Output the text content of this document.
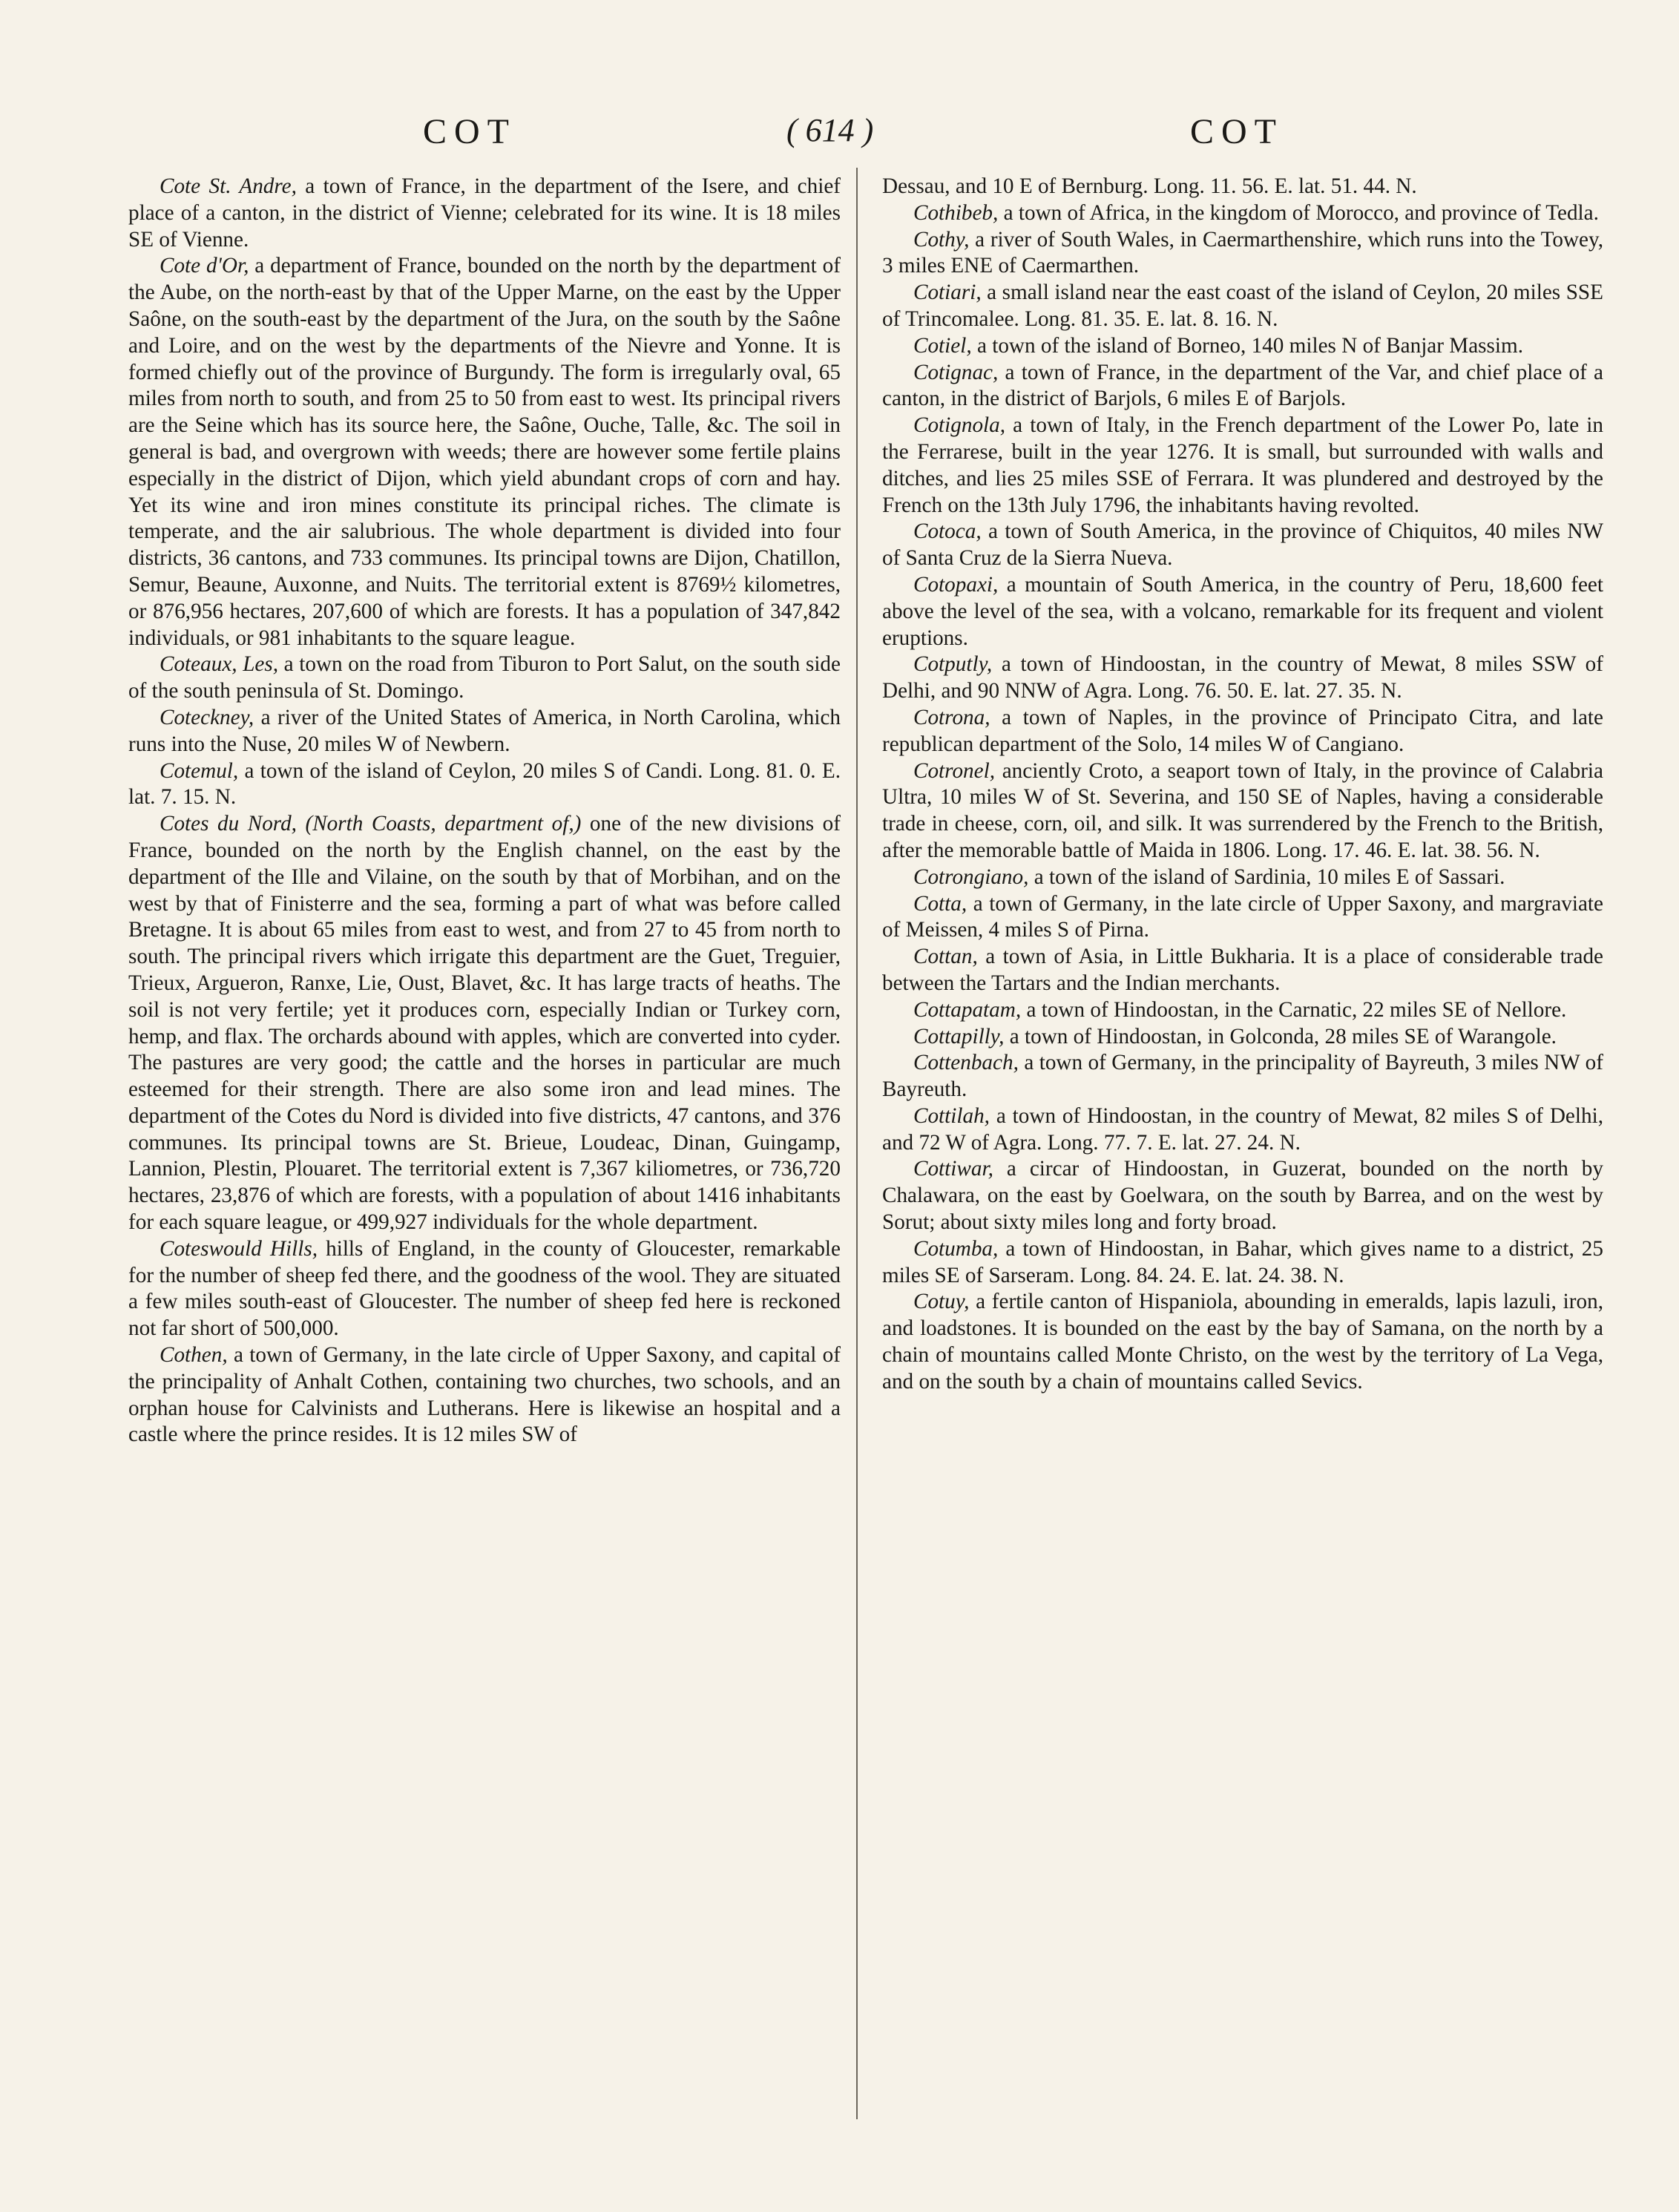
COT	( 614 )	COT

Cote St. Andre, a town of France, in the department of the Isere, and chief place of a canton, in the district of Vienne; celebrated for its wine. It is 18 miles SE of Vienne.

Cote d'Or, a department of France, bounded on the north by the department of the Aube, on the north-east by that of the Upper Marne, on the east by the Upper Saône, on the south-east by the department of the Jura, on the south by the Saône and Loire, and on the west by the departments of the Nievre and Yonne. It is formed chiefly out of the province of Burgundy. The form is irregularly oval, 65 miles from north to south, and from 25 to 50 from east to west. Its principal rivers are the Seine which has its source here, the Saône, Ouche, Talle, &c. The soil in general is bad, and overgrown with weeds; there are however some fertile plains especially in the district of Dijon, which yield abundant crops of corn and hay. Yet its wine and iron mines constitute its principal riches. The climate is temperate, and the air salubrious. The whole department is divided into four districts, 36 cantons, and 733 communes. Its principal towns are Dijon, Chatillon, Semur, Beaune, Auxonne, and Nuits. The territorial extent is 8769½ kilometres, or 876,956 hectares, 207,600 of which are forests. It has a population of 347,842 individuals, or 981 inhabitants to the square league.

Coteaux, Les, a town on the road from Tiburon to Port Salut, on the south side of the south peninsula of St. Domingo.

Coteckney, a river of the United States of America, in North Carolina, which runs into the Nuse, 20 miles W of Newbern.

Cotemul, a town of the island of Ceylon, 20 miles S of Candi. Long. 81. 0. E. lat. 7. 15. N.

Cotes du Nord, (North Coasts, department of,) one of the new divisions of France, bounded on the north by the English channel, on the east by the department of the Ille and Vilaine, on the south by that of Morbihan, and on the west by that of Finisterre and the sea, forming a part of what was before called Bretagne. It is about 65 miles from east to west, and from 27 to 45 from north to south. The principal rivers which irrigate this department are the Guet, Treguier, Trieux, Argueron, Ranxe, Lie, Oust, Blavet, &c. It has large tracts of heaths. The soil is not very fertile; yet it produces corn, especially Indian or Turkey corn, hemp, and flax. The orchards abound with apples, which are converted into cyder. The pastures are very good; the cattle and the horses in particular are much esteemed for their strength. There are also some iron and lead mines. The department of the Cotes du Nord is divided into five districts, 47 cantons, and 376 communes. Its principal towns are St. Brieue, Loudeac, Dinan, Guingamp, Lannion, Plestin, Plouaret. The territorial extent is 7,367 kiliometres, or 736,720 hectares, 23,876 of which are forests, with a population of about 1416 inhabitants for each square league, or 499,927 individuals for the whole department.

Coteswould Hills, hills of England, in the county of Gloucester, remarkable for the number of sheep fed there, and the goodness of the wool. They are situated a few miles south-east of Gloucester. The number of sheep fed here is reckoned not far short of 500,000.

Cothen, a town of Germany, in the late circle of Upper Saxony, and capital of the principality of Anhalt Cothen, containing two churches, two schools, and an orphan house for Calvinists and Lutherans. Here is likewise an hospital and a castle where the prince resides. It is 12 miles SW of

Dessau, and 10 E of Bernburg. Long. 11. 56. E. lat. 51. 44. N.

Cothibeb, a town of Africa, in the kingdom of Morocco, and province of Tedla.

Cothy, a river of South Wales, in Caermarthenshire, which runs into the Towey, 3 miles ENE of Caermarthen.

Cotiari, a small island near the east coast of the island of Ceylon, 20 miles SSE of Trincomalee. Long. 81. 35. E. lat. 8. 16. N.

Cotiel, a town of the island of Borneo, 140 miles N of Banjar Massim.

Cotignac, a town of France, in the department of the Var, and chief place of a canton, in the district of Barjols, 6 miles E of Barjols.

Cotignola, a town of Italy, in the French department of the Lower Po, late in the Ferrarese, built in the year 1276. It is small, but surrounded with walls and ditches, and lies 25 miles SSE of Ferrara. It was plundered and destroyed by the French on the 13th July 1796, the inhabitants having revolted.

Cotoca, a town of South America, in the province of Chiquitos, 40 miles NW of Santa Cruz de la Sierra Nueva.

Cotopaxi, a mountain of South America, in the country of Peru, 18,600 feet above the level of the sea, with a volcano, remarkable for its frequent and violent eruptions.

Cotputly, a town of Hindoostan, in the country of Mewat, 8 miles SSW of Delhi, and 90 NNW of Agra. Long. 76. 50. E. lat. 27. 35. N.

Cotrona, a town of Naples, in the province of Principato Citra, and late republican department of the Solo, 14 miles W of Cangiano.

Cotronel, anciently Croto, a seaport town of Italy, in the province of Calabria Ultra, 10 miles W of St. Severina, and 150 SE of Naples, having a considerable trade in cheese, corn, oil, and silk. It was surrendered by the French to the British, after the memorable battle of Maida in 1806. Long. 17. 46. E. lat. 38. 56. N.

Cotrongiano, a town of the island of Sardinia, 10 miles E of Sassari.

Cotta, a town of Germany, in the late circle of Upper Saxony, and margraviate of Meissen, 4 miles S of Pirna.

Cottan, a town of Asia, in Little Bukharia. It is a place of considerable trade between the Tartars and the Indian merchants.

Cottapatam, a town of Hindoostan, in the Carnatic, 22 miles SE of Nellore.

Cottapilly, a town of Hindoostan, in Golconda, 28 miles SE of Warangole.

Cottenbach, a town of Germany, in the principality of Bayreuth, 3 miles NW of Bayreuth.

Cottilah, a town of Hindoostan, in the country of Mewat, 82 miles S of Delhi, and 72 W of Agra. Long. 77. 7. E. lat. 27. 24. N.

Cottiwar, a circar of Hindoostan, in Guzerat, bounded on the north by Chalawara, on the east by Goelwara, on the south by Barrea, and on the west by Sorut; about sixty miles long and forty broad.

Cotumba, a town of Hindoostan, in Bahar, which gives name to a district, 25 miles SE of Sarseram. Long. 84. 24. E. lat. 24. 38. N.

Cotuy, a fertile canton of Hispaniola, abounding in emeralds, lapis lazuli, iron, and loadstones. It is bounded on the east by the bay of Samana, on the north by a chain of mountains called Monte Christo, on the west by the territory of La Vega, and on the south by a chain of mountains called Sevics.
